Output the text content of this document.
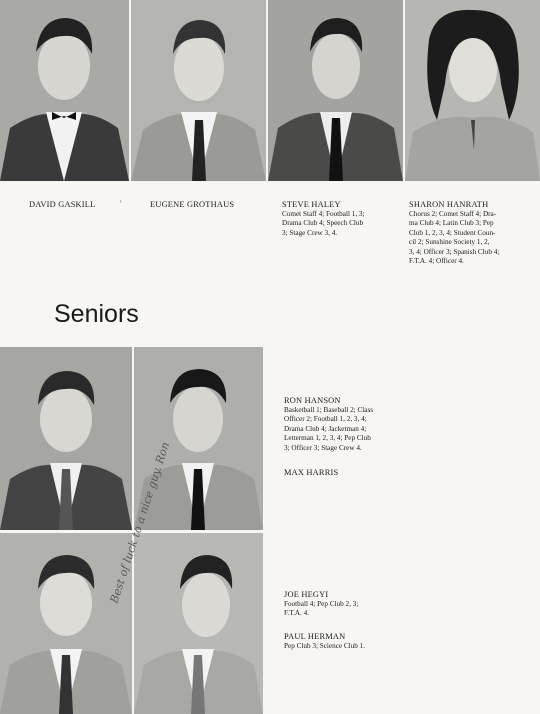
DAVID GASKILL	'	EUGENE GROTHAUS	STEVE HALEY
Comet Staff 4; Football 1, 3;
Drama Club 4; Speech Club
3; Stage Crew 3, 4.
SHARON HANRATH
Chorus 2; Comet Staff 4; Dra-
ma Club 4; Latin Club 3; Pep
Club 1, 2, 3, 4; Student Coun-
cil 2; Sunshine Society 1, 2,
3, 4; Officer 3; Spanish Club 4;
F.T.A. 4; Officer 4.
Seniors
Best of to
RON HANSON
Basketball 1; Baseball 2; Class
Officer 2; Football 1, 2, 3, 4;
Drama Club 4; Jacketman 4;
Letterman 1, 2, 3, 4; Pep Club
3; Officer 3; Stage Crew 4.
MAX HARRIS
JOE HEGYI
Football 4; Pep Club 2, 3;
F.T.A. 4.
PAUL HERMAN
Pep Club 3; Science Club 1.
